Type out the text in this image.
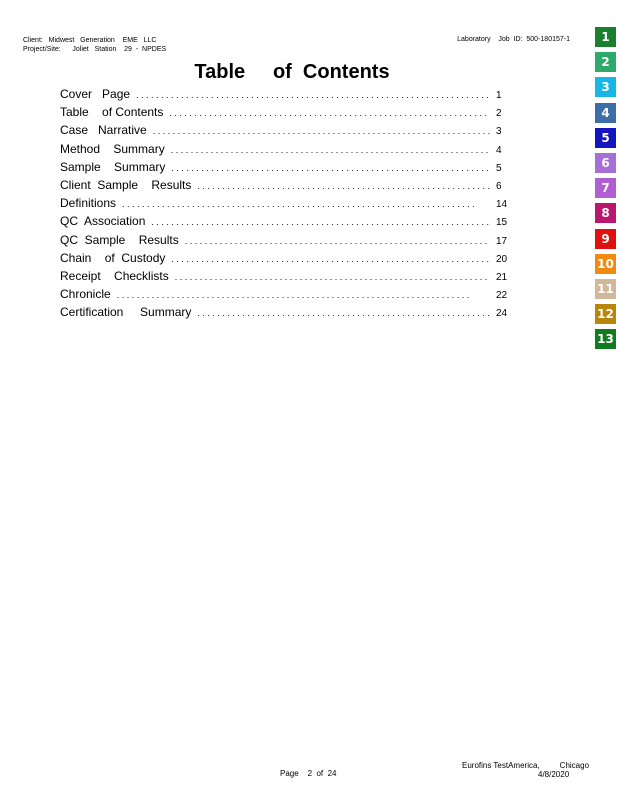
Client:   Midwest   Generation    EME   LLC
Project/Site:      Joliet   Station    29  -  NPDES
Laboratory    Job  ID:  500-180157-1
Table     of  Contents
Cover   Page . . .	1
Table    of Contents . . .	2
Case   Narrative . . .	3
Method    Summary . . .	4
Sample    Summary . . .	5
Client  Sample    Results . . .	6
Definitions . . .	14
QC  Association . . .	15
QC  Sample    Results . . .	17
Chain    of  Custody . . .	20
Receipt    Checklists . . .	21
Chronicle . . .	22
Certification     Summary . . .	24
1
2
3
4
5
6
7
8
9
10
11
12
13
Page    2  of  24
Eurofins TestAmerica,         Chicago
4/8/2020
